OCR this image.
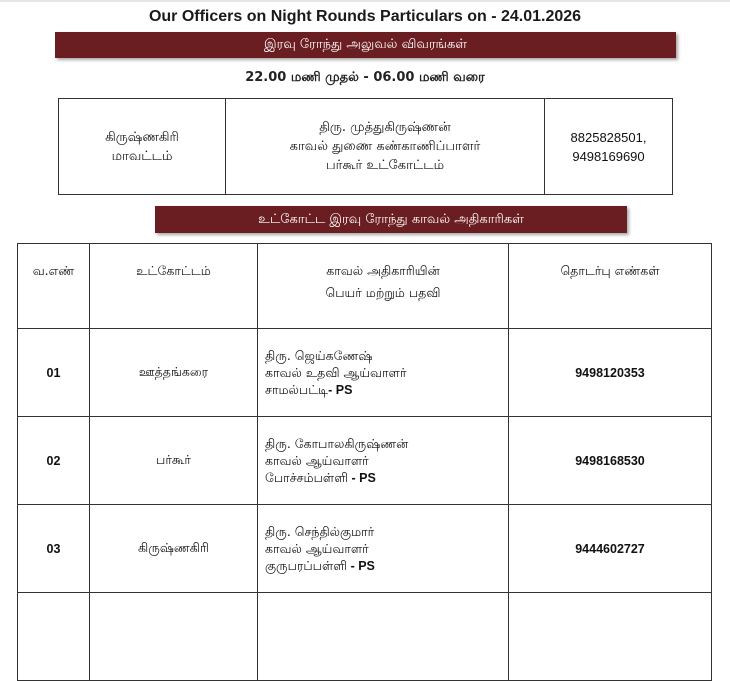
Our Officers on Night Rounds Particulars on - 24.01.2026
இரவு ரோந்து அலுவல் விவரங்கள்
22.00 மணி முதல் - 06.00 மணி வரை
கிருஷ்ணகிரி
மாவட்டம்

திரு. முத்துகிருஷ்ணன்
காவல் துணை கண்காணிப்பாளர்
பர்கூர் உட்கோட்டம்

8825828501,
9498169690
உட்கோட்ட இரவு ரோந்து காவல் அதிகாரிகள்
வ.எண்	உட்கோட்டம்	காவல் அதிகாரியின்
பெயர் மற்றும் பதவி	தொடர்பு எண்கள்
01	ஊத்தங்கரை	திரு. ஜெய்கணேஷ்
காவல் உதவி ஆய்வாளர்
சாமல்பட்டி- PS	9498120353
02	பர்கூர்	திரு. கோபாலகிருஷ்ணன்
காவல் ஆய்வாளர்
போச்சம்பள்ளி - PS	9498168530
03	கிருஷ்ணகிரி	திரு. செந்தில்குமார்
காவல் ஆய்வாளர்
குருபரப்பள்ளி - PS	9444602727
